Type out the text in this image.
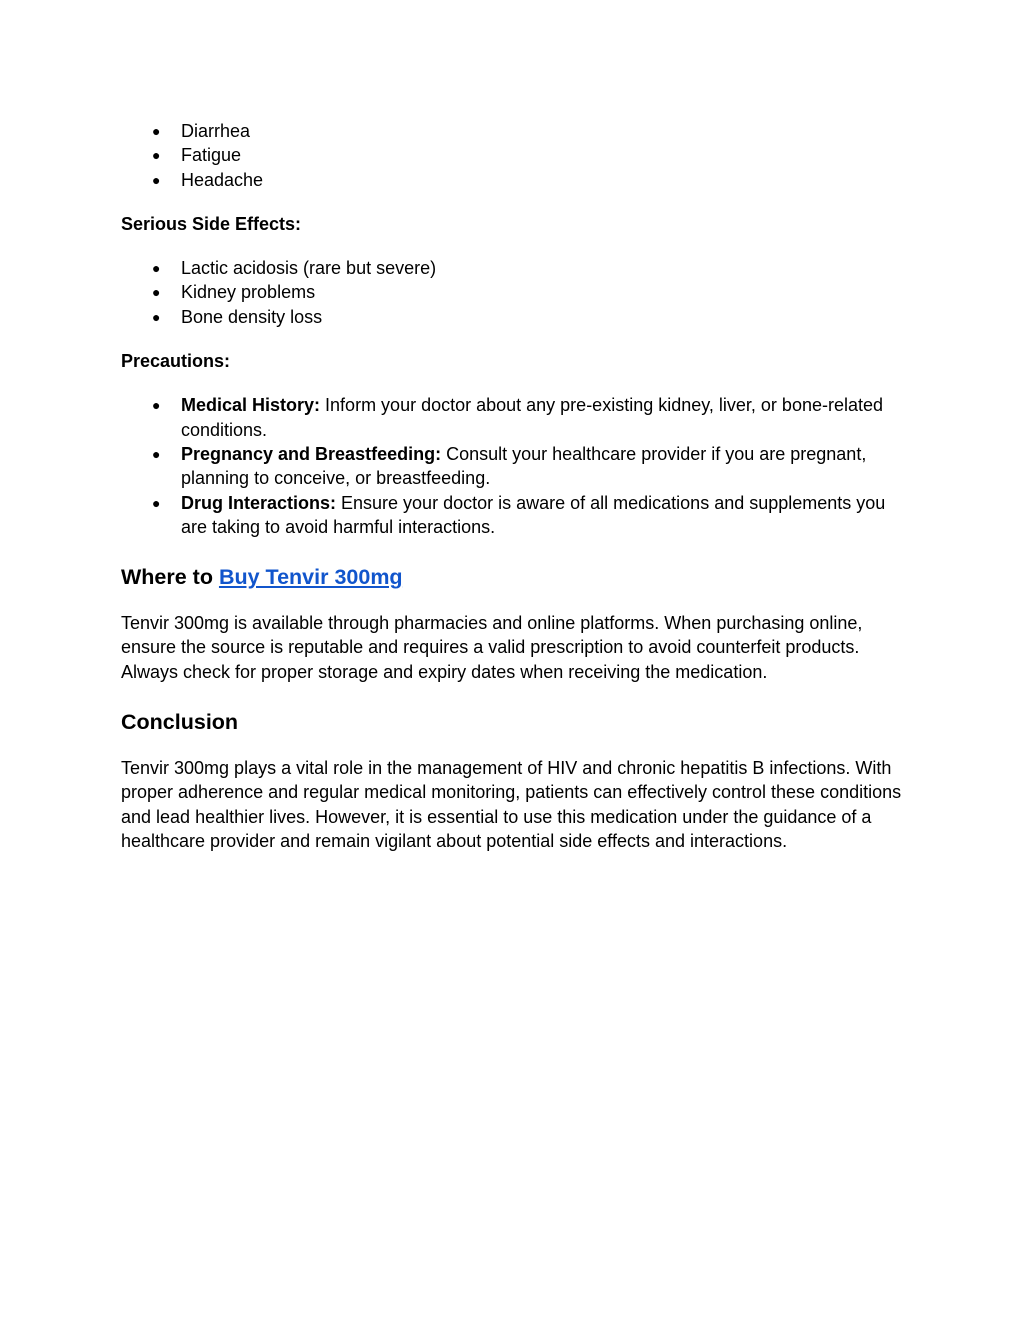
● Diarrhea
● Fatigue
● Headache

Serious Side Effects:

● Lactic acidosis (rare but severe)
● Kidney problems
● Bone density loss

Precautions:

● Medical History: Inform your doctor about any pre-existing kidney, liver, or bone-related conditions.
● Pregnancy and Breastfeeding: Consult your healthcare provider if you are pregnant, planning to conceive, or breastfeeding.
● Drug Interactions: Ensure your doctor is aware of all medications and supplements you are taking to avoid harmful interactions.
Where to Buy Tenvir 300mg

Tenvir 300mg is available through pharmacies and online platforms. When purchasing online, ensure the source is reputable and requires a valid prescription to avoid counterfeit products. Always check for proper storage and expiry dates when receiving the medication.

Conclusion

Tenvir 300mg plays a vital role in the management of HIV and chronic hepatitis B infections. With proper adherence and regular medical monitoring, patients can effectively control these conditions and lead healthier lives. However, it is essential to use this medication under the guidance of a healthcare provider and remain vigilant about potential side effects and interactions.
